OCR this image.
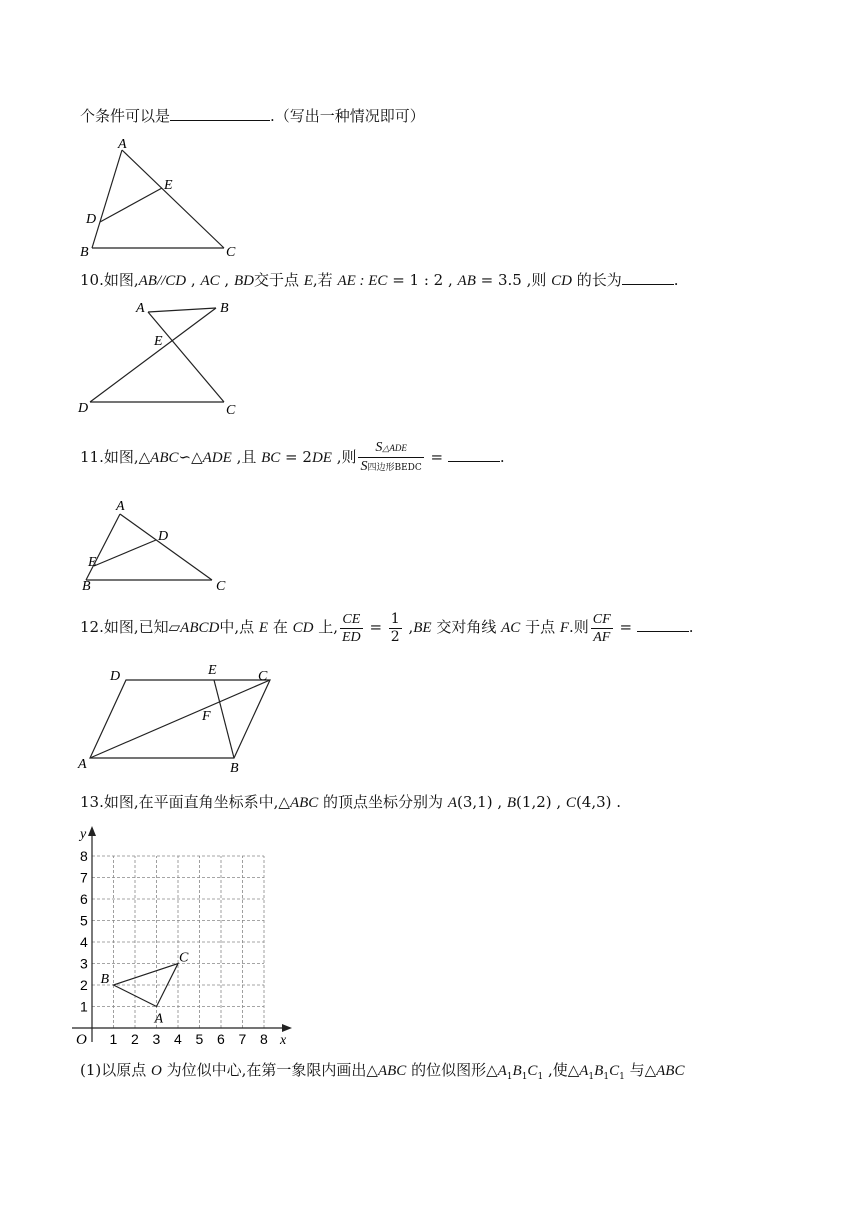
个条件可以是	.（写出一种情况即可）
A
B	C
D
E
10.如图,AB//CD , AC , BD交于点 E,若 AE : EC = 1 : 2 , AB = 3.5 ,则 CD 的长为	.
A	B
D	C
E
11.如图,△ABC∽△ADE ,且 BC = 2DE ,则 $\frac{\text{S△ADE}}{\text{S四边形BEDC}}$ =	.
A
B	C
D
E
12.如图,已知▱ABCD中,点 E 在 CD 上, $\frac{CE}{ED} = \frac{1}{2} ,BE$ 交对角线 AC 于点 F.则 $\frac{CF}{AF}$ =	.
D	E	C
A	B
F
13.如图,在平面直角坐标系中,△ABC 的顶点坐标分别为 A(3,1) , B(1,2) , C(4,3) .
1 2 3 4 5 6 7 8
1
2
3
4
5
6
7
8
O	x
y
A
B
C
(1)以原点 O 为位似中心,在第一象限内画出△ABC 的位似图形$\triangle A_1B_1C_1$ ,使$\triangle A_1B_1C_1$ 与△ABC
